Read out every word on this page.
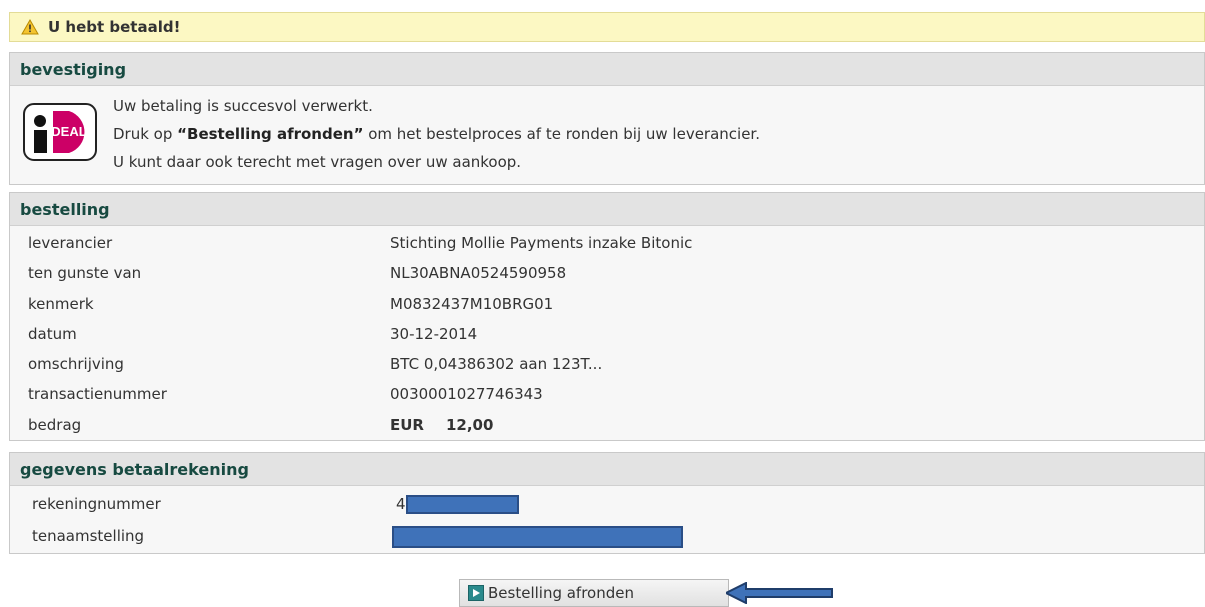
U hebt betaald!
bevestiging
DEAL
Uw betaling is succesvol verwerkt.
Druk op “Bestelling afronden” om het bestelproces af te ronden bij uw leverancier.
U kunt daar ook terecht met vragen over uw aankoop.
bestelling
leverancier	Stichting Mollie Payments inzake Bitonic
ten gunste van	NL30ABNA0524590958
kenmerk	M0832437M10BRG01
datum	30-12-2014
omschrijving	BTC 0,04386302 aan 123T...
transactienummer	0030001027746343
bedrag	EUR 12,00
gegevens betaalrekening
rekeningnummer	4
tenaamstelling
Bestelling afronden
